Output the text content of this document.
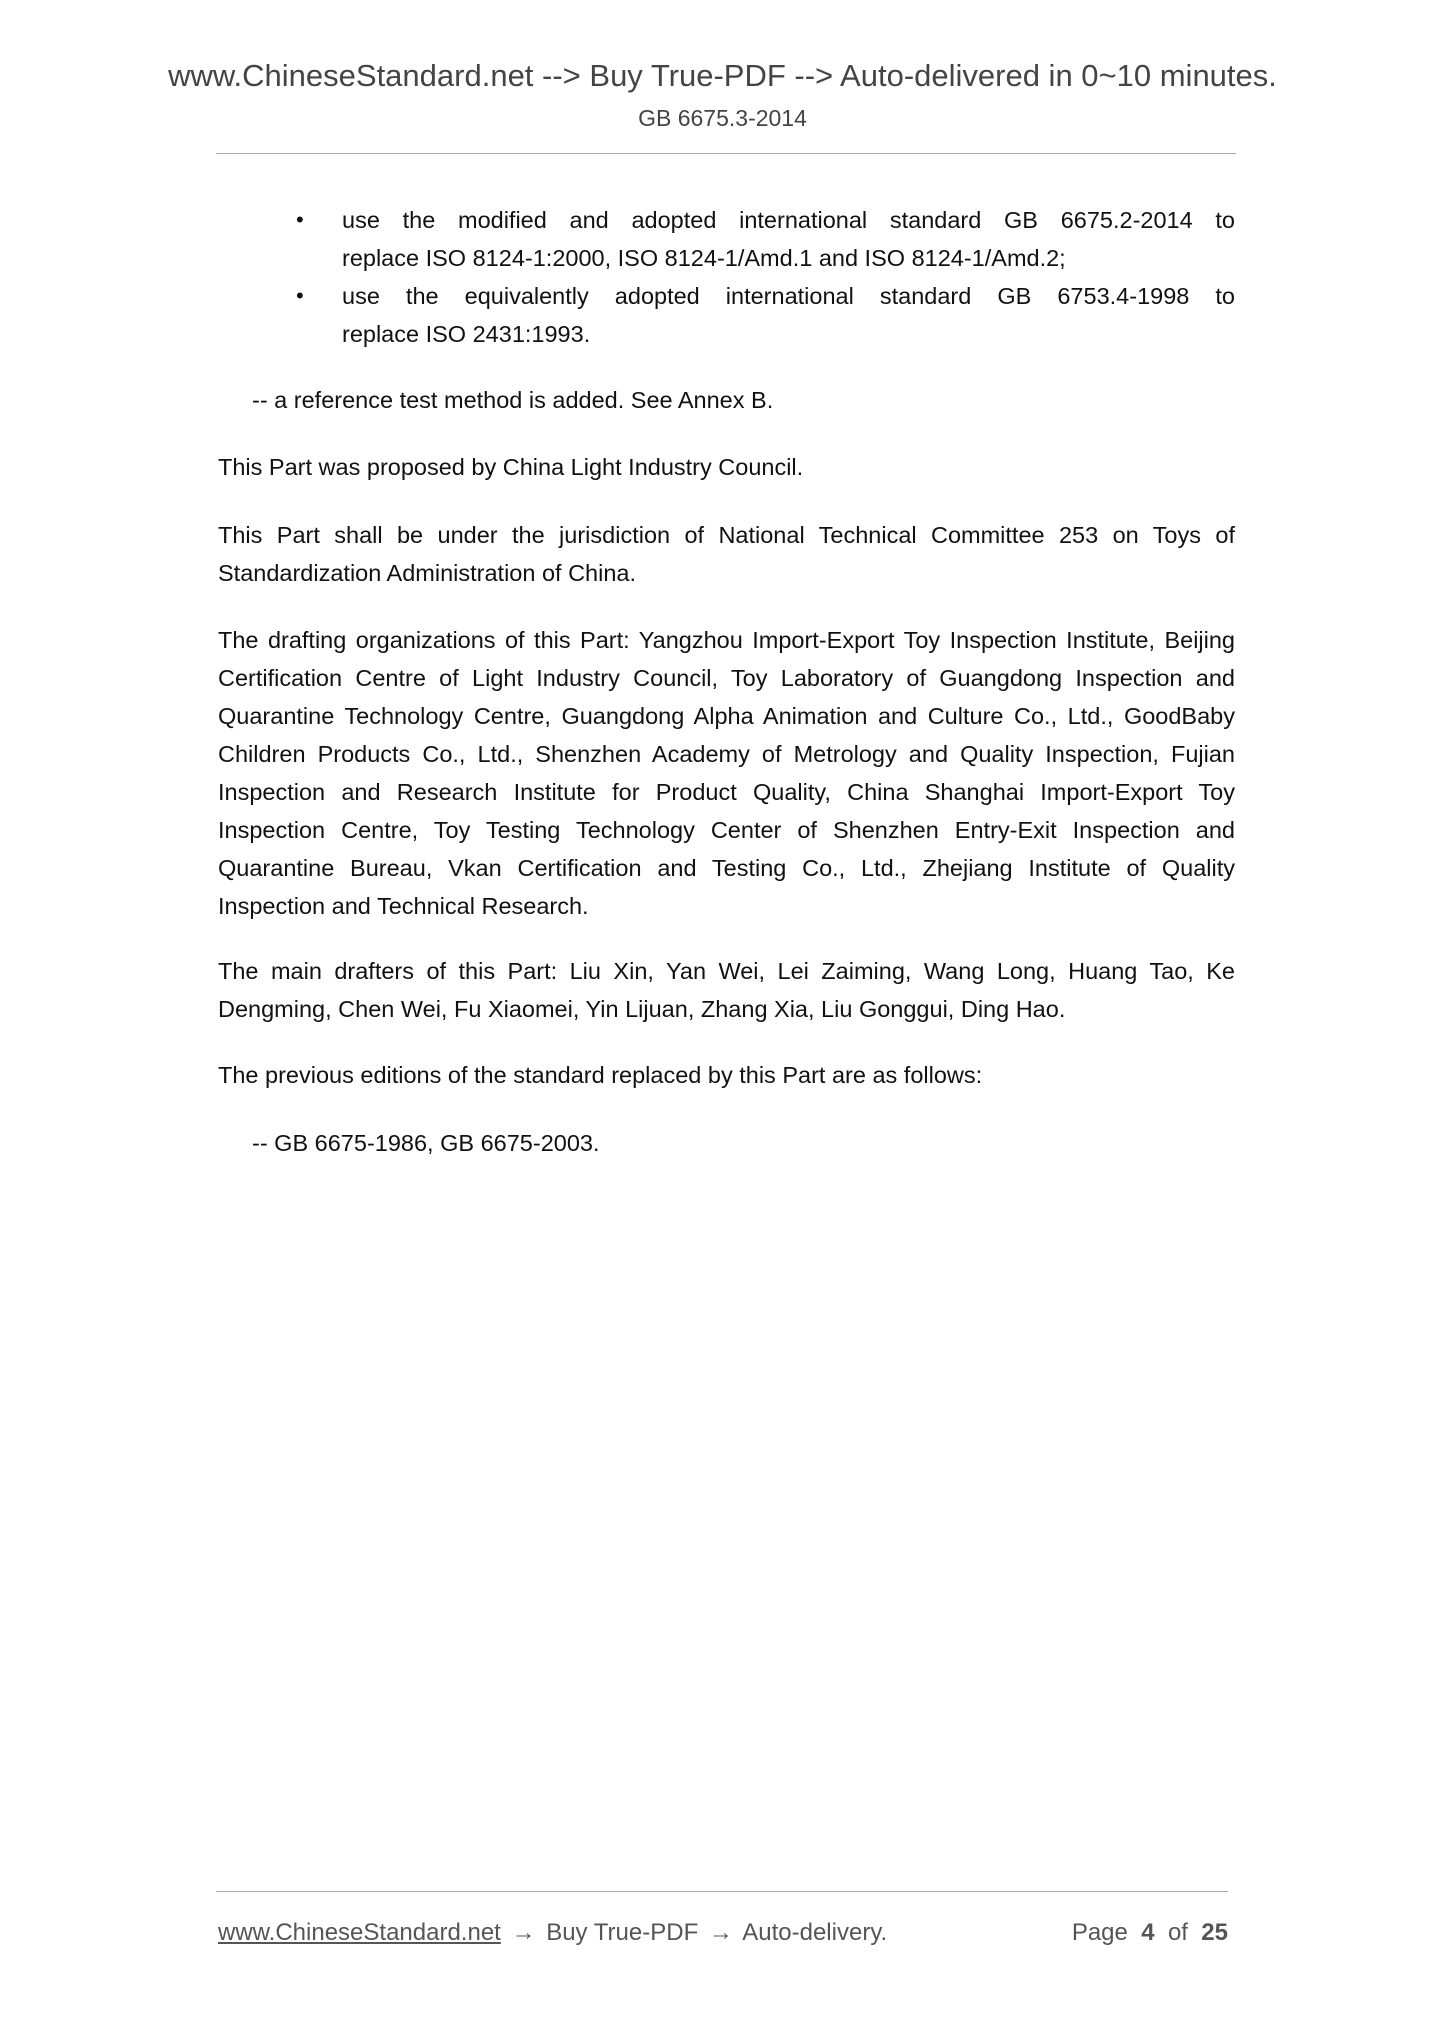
www.ChineseStandard.net --> Buy True-PDF --> Auto-delivered in 0~10 minutes.
GB 6675.3-2014
• use the modified and adopted international standard GB 6675.2-2014 to
replace ISO 8124-1:2000, ISO 8124-1/Amd.1 and ISO 8124-1/Amd.2;
• use the equivalently adopted international standard GB 6753.4-1998 to
replace ISO 2431:1993.

-- a reference test method is added. See Annex B.

This Part was proposed by China Light Industry Council.

This Part shall be under the jurisdiction of National Technical Committee 253 on Toys of Standardization Administration of China.

The drafting organizations of this Part: Yangzhou Import-Export Toy Inspection Institute, Beijing Certification Centre of Light Industry Council, Toy Laboratory of Guangdong Inspection and Quarantine Technology Centre, Guangdong Alpha Animation and Culture Co., Ltd., GoodBaby Children Products Co., Ltd., Shenzhen Academy of Metrology and Quality Inspection, Fujian Inspection and Research Institute for Product Quality, China Shanghai Import-Export Toy Inspection Centre, Toy Testing Technology Center of Shenzhen Entry-Exit Inspection and Quarantine Bureau, Vkan Certification and Testing Co., Ltd., Zhejiang Institute of Quality Inspection and Technical Research.

The main drafters of this Part: Liu Xin, Yan Wei, Lei Zaiming, Wang Long, Huang Tao, Ke Dengming, Chen Wei, Fu Xiaomei, Yin Lijuan, Zhang Xia, Liu Gonggui, Ding Hao.

The previous editions of the standard replaced by this Part are as follows:

-- GB 6675-1986, GB 6675-2003.

www.ChineseStandard.net → Buy True-PDF → Auto-delivery.	Page 4 of 25
